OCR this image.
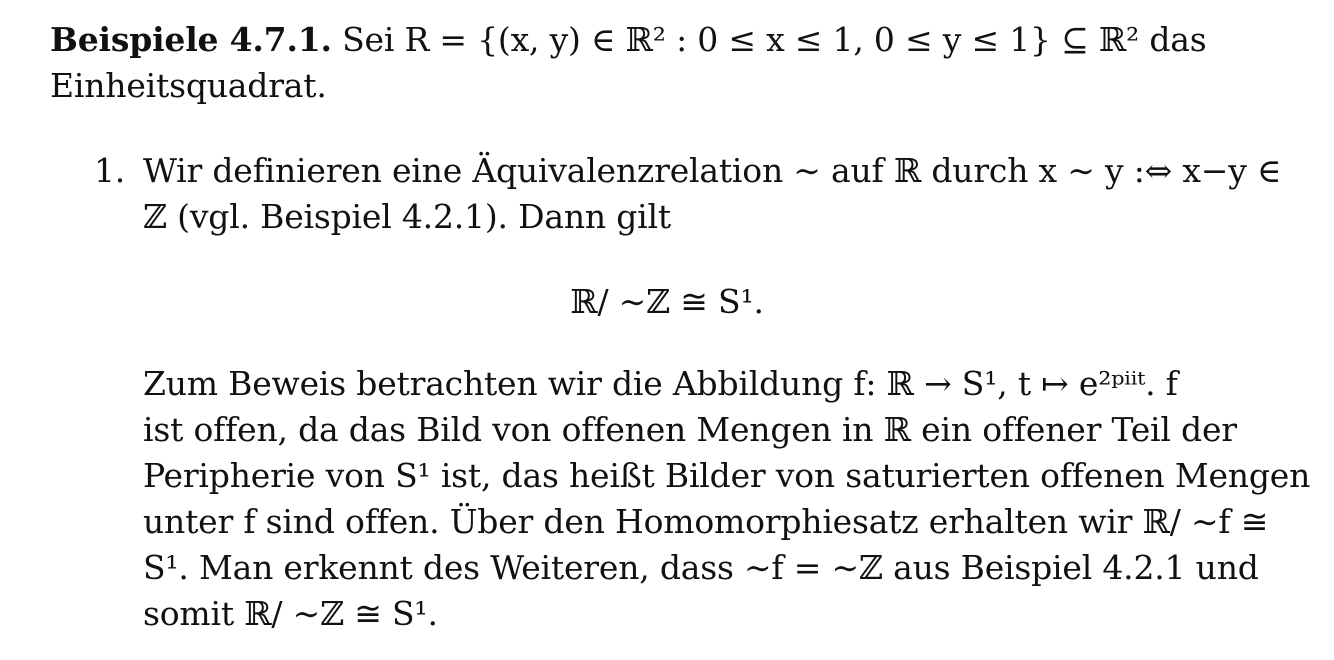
Beispiele 4.7.1. Sei R = {(x, y) ∈ ℝ² : 0 ≤ x ≤ 1, 0 ≤ y ≤ 1} ⊆ ℝ² das
Einheitsquadrat.
1. Wir definieren eine Äquivalenzrelation ∼ auf ℝ durch x ∼ y :⇔ x−y ∈
ℤ (vgl. Beispiel 4.2.1). Dann gilt
ℝ/ ∼ℤ ≅ S¹.
Zum Beweis betrachten wir die Abbildung f: ℝ → S¹, t ↦ e²ᵖⁱⁱᵗ. f
ist offen, da das Bild von offenen Mengen in ℝ ein offener Teil der
Peripherie von S¹ ist, das heißt Bilder von saturierten offenen Mengen
unter f sind offen. Über den Homomorphiesatz erhalten wir ℝ/ ∼f ≅
S¹. Man erkennt des Weiteren, dass ∼f = ∼ℤ aus Beispiel 4.2.1 und
somit ℝ/ ∼ℤ ≅ S¹.
